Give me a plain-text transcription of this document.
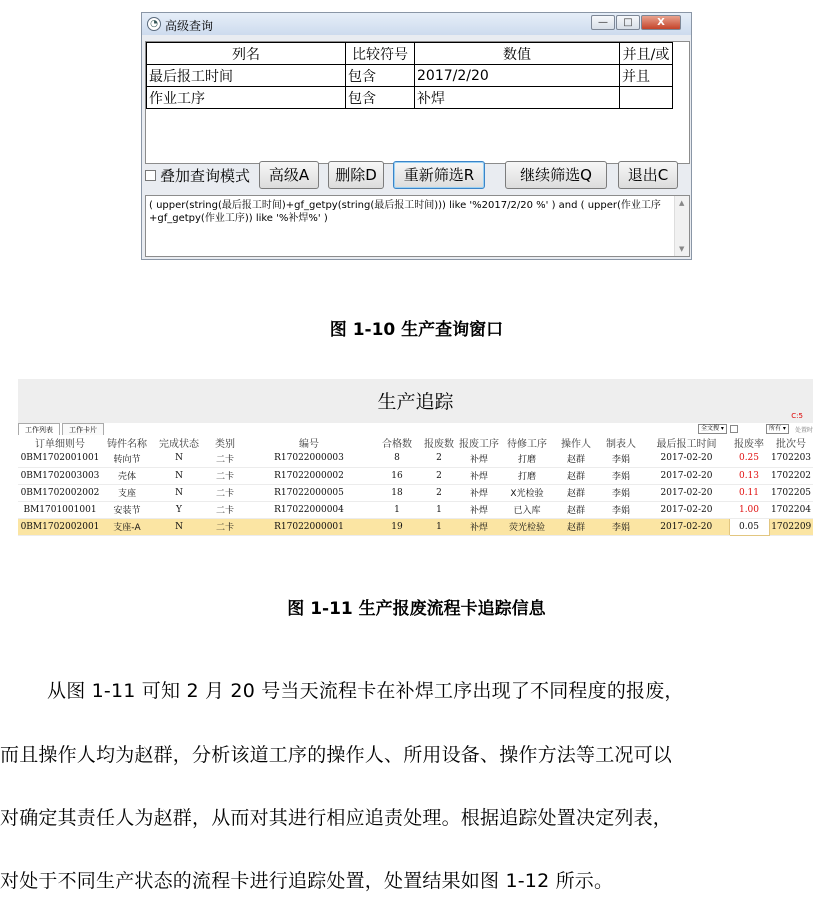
◔ 高级查询	—	□	X
列名	比较符号	数值	并且/或
最后报工时间	包含	2017/2/20	并且
作业工序	包含	补焊	
叠加查询模式	高级A	删除D	重新筛选R	继续筛选Q	退出C
( upper(string(最后报工时间)+gf_getpy(string(最后报工时间))) like '%2017/2/20 %' ) and ( upper(作业工序
+gf_getpy(作业工序)) like '%补焊%' )
▲
▼
图 1-10 生产查询窗口
生产追踪
C:5
工作列表	工作卡片	全文搜 ▾	所有 ▾	处置时
订单细则号	铸件名称	完成状态	类别	编号	合格数	报废数	报废工序	待修工序	操作人	制表人	最后报工时间	报废率	批次号
0BM1702001001	转向节	N	二卡	R17022000003	8	2	补焊	打磨	赵群	李娟	2017-02-20	0.25	1702203
0BM1702003003	壳体	N	二卡	R17022000002	16	2	补焊	打磨	赵群	李娟	2017-02-20	0.13	1702202
0BM1702002002	支座	N	二卡	R17022000005	18	2	补焊	X光检验	赵群	李娟	2017-02-20	0.11	1702205
BM1701001001	安装节	Y	二卡	R17022000004	1	1	补焊	已入库	赵群	李娟	2017-02-20	1.00	1702204
0BM1702002001	支座-A	N	二卡	R17022000001	19	1	补焊	荧光检验	赵群	李娟	2017-02-20	0.05	1702209
图 1-11 生产报废流程卡追踪信息
从图 1-11 可知 2 月 20 号当天流程卡在补焊工序出现了不同程度的报废，
而且操作人均为赵群，分析该道工序的操作人、所用设备、操作方法等工况可以
对确定其责任人为赵群，从而对其进行相应追责处理。根据追踪处置决定列表，
对处于不同生产状态的流程卡进行追踪处置，处置结果如图 1-12 所示。
